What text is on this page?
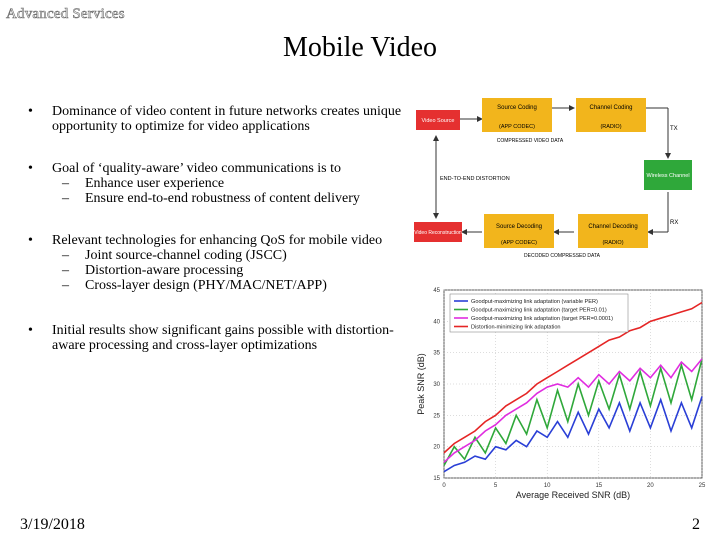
Advanced Services
Mobile Video
• Dominance of video content in future networks creates unique opportunity to optimize for video applications
• Goal of ‘quality-aware’ video communications is to
– Enhance user experience
– Ensure end-to-end robustness of content delivery
• Relevant technologies for enhancing QoS for mobile video
– Joint source-channel coding (JSCC)
– Distortion-aware processing
– Cross-layer design (PHY/MAC/NET/APP)
• Initial results show significant gains possible with distortion-aware processing and cross-layer optimizations
Video Source
Source Coding
(APP CODEC)
Channel Coding
(RADIO)
COMPRESSED VIDEO DATA
TX
END-TO-END DISTORTION	Wireless Channel
RX
Video Reconstruction
Source Decoding
(APP CODEC)
Channel Decoding
(RADIO)
DECODED COMPRESSED DATA
0	5	10	15	20	25
15
20
25
30
35
40
45
Average Received SNR (dB)
Peak SNR (dB)
Goodput-maximizing link adaptation (variable PER)
Goodput-maximizing link adaptation (target PER=0.01)
Goodput-maximizing link adaptation (target PER=0.0001)
Distortion-minimizing link adaptation
3/19/2018	2
